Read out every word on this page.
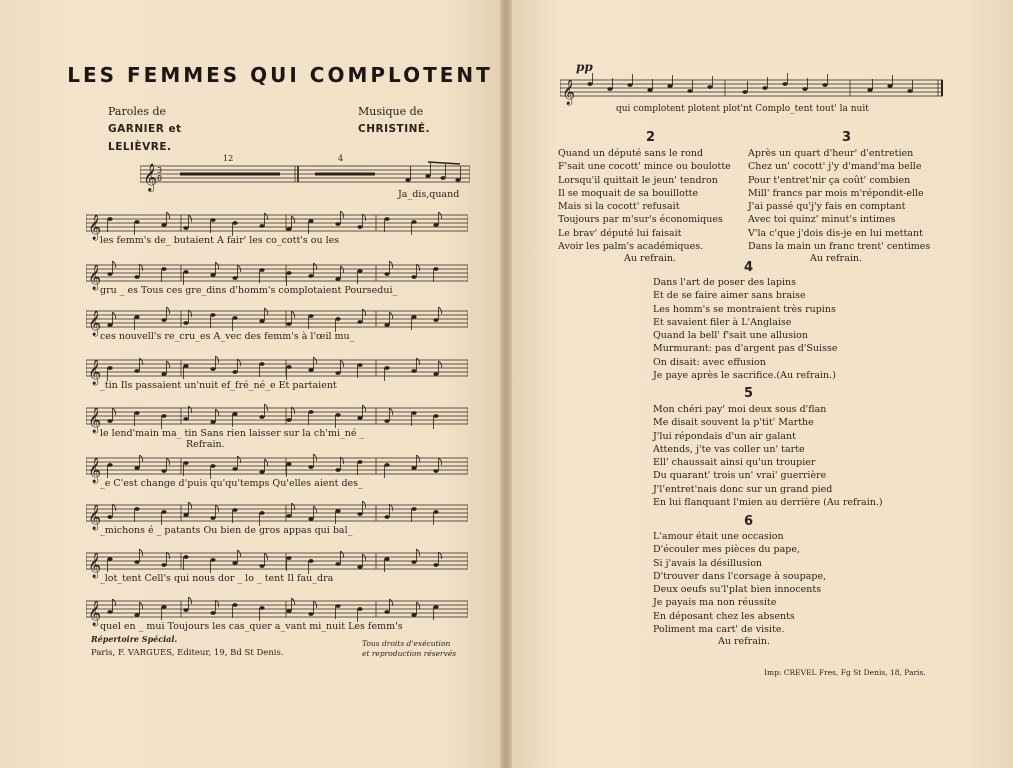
LES FEMMES QUI COMPLOTENT
Paroles de
GARNIER et LELIÈVRE.
Musique de
CHRISTINÉ.
𝄞 3
8
12	4
Ja_dis,quand
𝄞
les femm's de_ butaient A fair' les co_cott's ou les
𝄞
gru _ es Tous ces gre_dins d'homm's complotaient Poursedui_
𝄞
ces nouvell's re_cru_es A_vec des femm's à l'œil mu_
𝄞
_tin Ils passaient un'nuit ef_fré_né_e Et partaient
𝄞
le lend'main ma_ tin Sans rien laisser sur la ch'mi_né _
𝄞
_e C'est change d'puis qu'qu'temps Qu'elles aient des_
𝄞
_michons é _ patants Ou bien de gros appas qui bal_
𝄞
_lot_tent Cell's qui nous dor _ lo _ tent Il fau_dra
𝄞
quel en _ mui Toujours les cas_quer a_vant mi_nuit Les femm's
Refrain.
Répertoire Spécial.
Paris, F. VARGUES, Editeur, 19, Bd St Denis.
Tous droits d'exécution
et reproduction réservés
pp
𝄞
qui complotent plotent plot'nt Complo_tent tout' la nuit
2
Quand un député sans le rond
F'sait une cocott' mince ou boulotte
Lorsqu'il quittait le jeun' tendron
Il se moquait de sa bouillotte
Mais si la cocott' refusait
Toujours par m'sur's économiques
Le brav' député lui faisait
Avoir les palm's académiques.
Au refrain.
3
Après un quart d'heur' d'entretien
Chez un' cocott' j'y d'mand'ma belle
Pour t'entret'nir ça coût' combien
Mill' francs par mois m'répondit-elle
J'ai passé qu'j'y fais en comptant
Avec toi quinz' minut's intimes
V'la c'que j'dois dis-je en lui mettant
Dans la main un franc trent' centimes
Au refrain.
4
Dans l'art de poser des lapins
Et de se faire aimer sans braise
Les homm's se montraient très rupins
Et savaient filer à L'Anglaise
Quand la bell' f'sait une allusion
Murmurant: pas d'argent pas d'Suisse
On disait: avec effusion
Je paye après le sacrifice.(Au refrain.)
5
Mon chéri pay' moi deux sous d'flan
Me disait souvent la p'tit' Marthe
J'lui répondais d'un air galant
Attends, j'te vas coller un' tarte
Ell' chaussait ainsi qu'un troupier
Du quarant' trois un' vrai' guerrière
J'l'entret'nais donc sur un grand pied
En lui flanquant l'mien au derrière (Au refrain.)
6
L'amour était une occasion
D'écouler mes pièces du pape,
Si j'avais la désillusion
D'trouver dans l'corsage à soupape,
Deux oeufs su'l'plat bien innocents
Je payais ma non réussite
En déposant chez les absents
Poliment ma cart' de visite.
Au refrain.
Imp: CREVEL Fres, Fg St Denis, 18, Paris.
